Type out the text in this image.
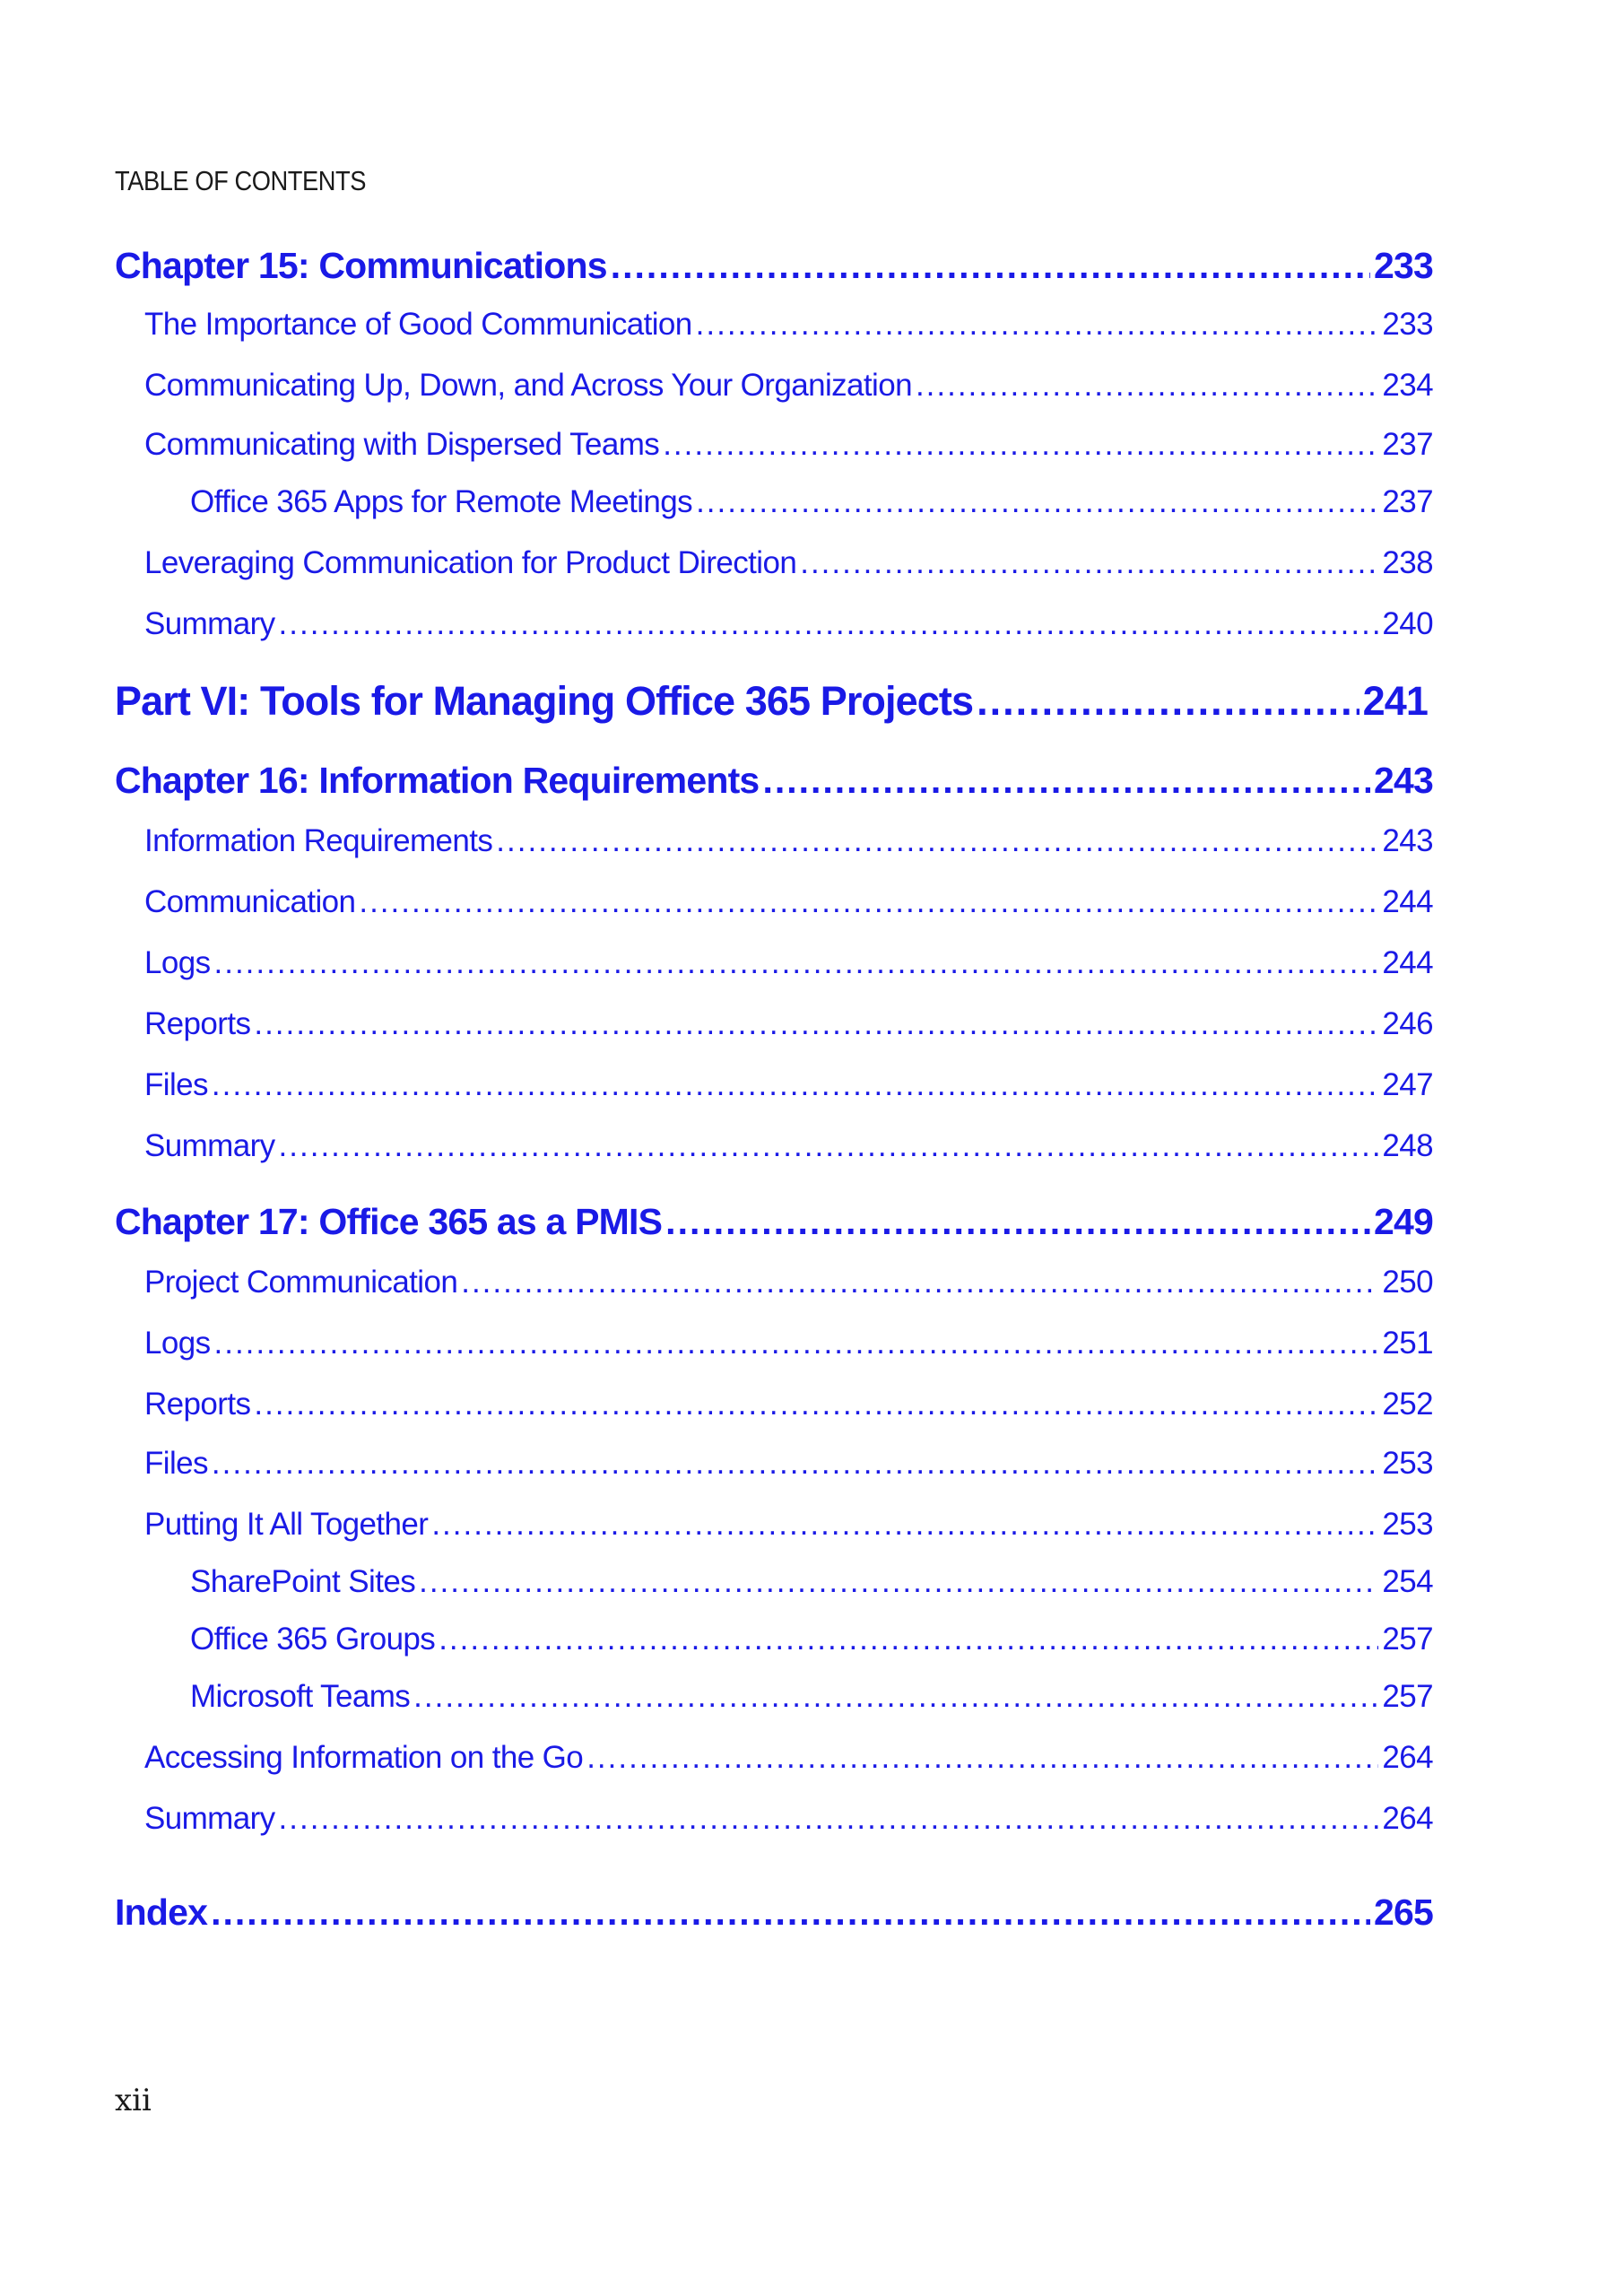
TABLE OF CONTENTS
Chapter 15: Communications .....	233
The Importance of Good Communication .....	233
Communicating Up, Down, and Across Your Organization .....	234
Communicating with Dispersed Teams .....	237
Office 365 Apps for Remote Meetings .....	237
Leveraging Communication for Product Direction .....	238
Summary .....	240
Part VI: Tools for Managing Office 365 Projects .....	241
Chapter 16: Information Requirements .....	243
Information Requirements .....	243
Communication .....	244
Logs .....	244
Reports .....	246
Files .....	247
Summary .....	248
Chapter 17: Office 365 as a PMIS .....	249
Project Communication .....	250
Logs .....	251
Reports .....	252
Files .....	253
Putting It All Together .....	253
SharePoint Sites .....	254
Office 365 Groups .....	257
Microsoft Teams .....	257
Accessing Information on the Go .....	264
Summary .....	264
Index .....	265
xii
